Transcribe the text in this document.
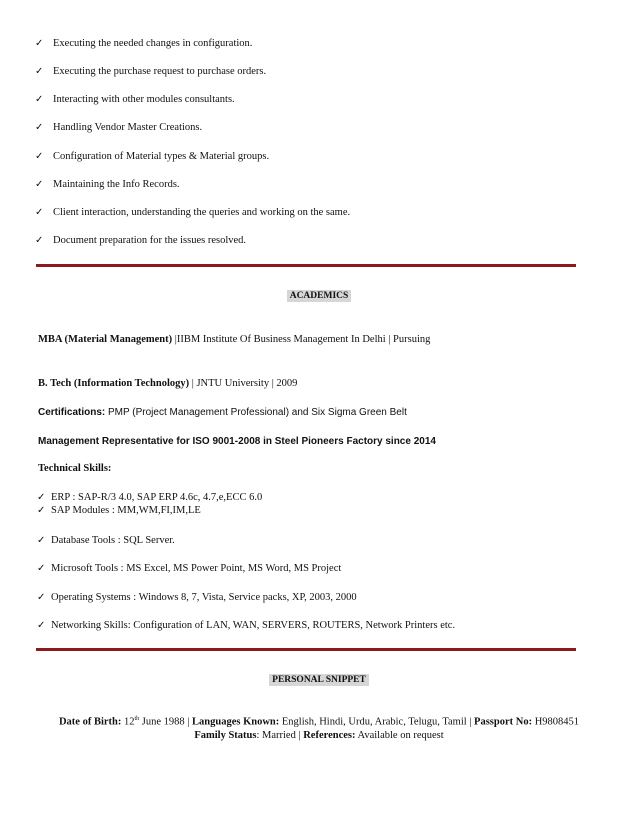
✓ Executing the needed changes in configuration.
✓ Executing the purchase request to purchase orders.
✓ Interacting with other modules consultants.
✓ Handling Vendor Master Creations.
✓ Configuration of Material types & Material groups.
✓ Maintaining the Info Records.
✓ Client interaction, understanding the queries and working on the same.
✓ Document preparation for the issues resolved.
ACADEMICS
MBA (Material Management) |IIBM Institute Of Business Management In Delhi | Pursuing
B. Tech (Information Technology) | JNTU University | 2009
Certifications: PMP (Project Management Professional) and Six Sigma Green Belt
Management Representative for ISO 9001-2008 in Steel Pioneers Factory since 2014
Technical Skills:
✓ ERP : SAP-R/3 4.0, SAP ERP 4.6c, 4.7,e,ECC 6.0
✓ SAP Modules : MM,WM,FI,IM,LE
✓ Database Tools : SQL Server.
✓ Microsoft Tools : MS Excel, MS Power Point, MS Word, MS Project
✓ Operating Systems : Windows 8, 7, Vista, Service packs, XP, 2003, 2000
✓ Networking Skills: Configuration of LAN, WAN, SERVERS, ROUTERS, Network Printers etc.
PERSONAL SNIPPET
Date of Birth: 12th June 1988 | Languages Known: English, Hindi, Urdu, Arabic, Telugu, Tamil | Passport No: H9808451
Family Status: Married | References: Available on request
